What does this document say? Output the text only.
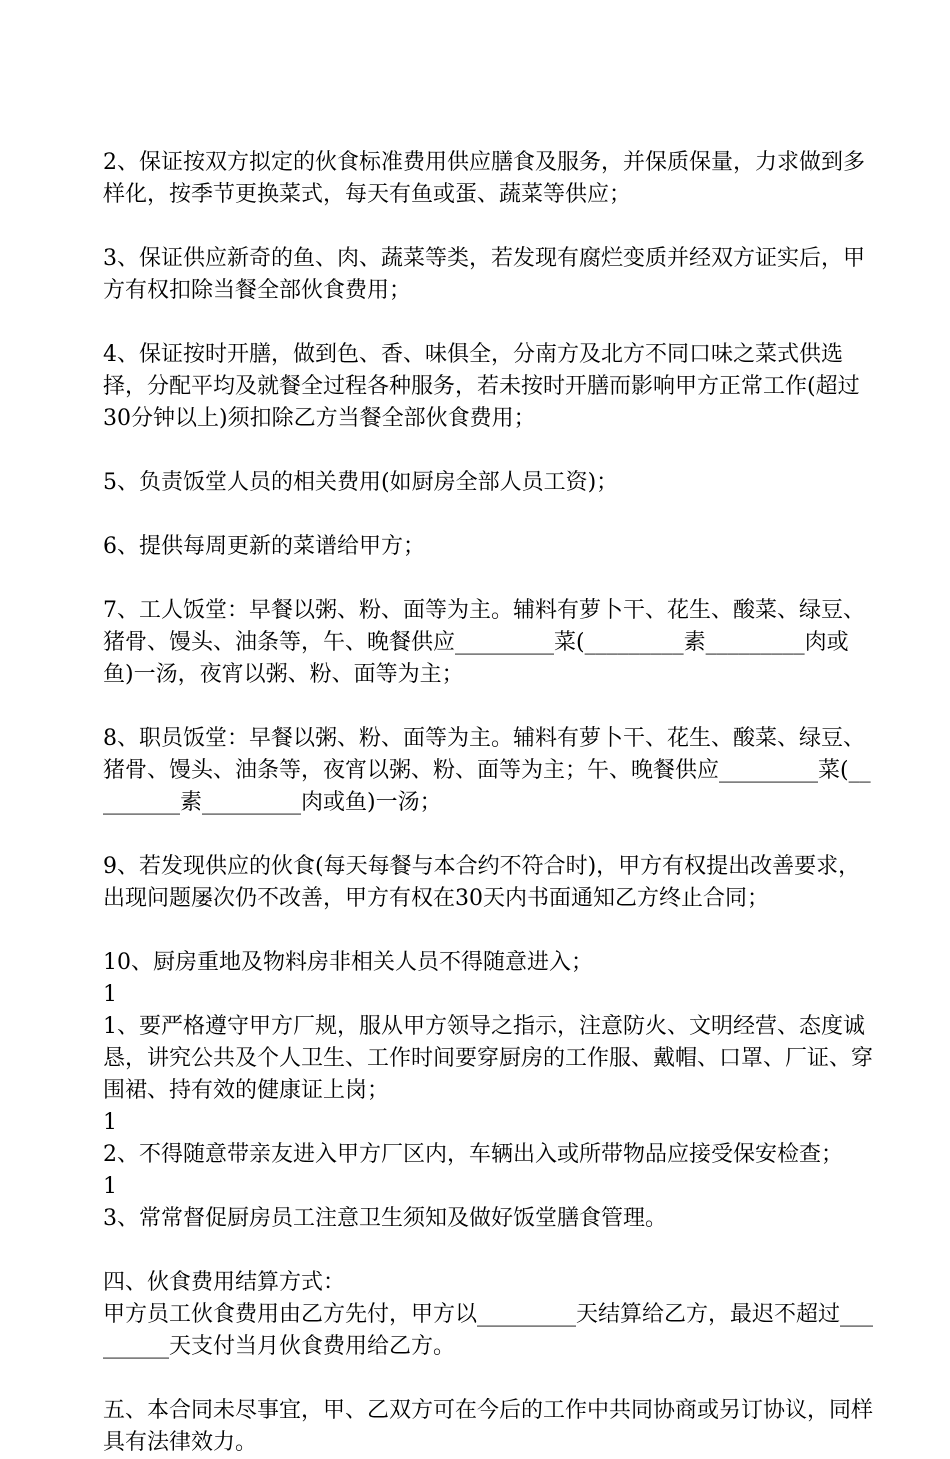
2、保证按双方拟定的伙食标准费用供应膳食及服务，并保质保量，力求做到多样化，按季节更换菜式，每天有鱼或蛋、蔬菜等供应；

3、保证供应新奇的鱼、肉、蔬菜等类，若发现有腐烂变质并经双方证实后，甲方有权扣除当餐全部伙食费用；

4、保证按时开膳，做到色、香、味俱全，分南方及北方不同口味之菜式供选择，分配平均及就餐全过程各种服务，若未按时开膳而影响甲方正常工作(超过30分钟以上)须扣除乙方当餐全部伙食费用；

5、负责饭堂人员的相关费用(如厨房全部人员工资)；

6、提供每周更新的菜谱给甲方；

7、工人饭堂：早餐以粥、粉、面等为主。辅料有萝卜干、花生、酸菜、绿豆、猪骨、馒头、油条等，午、晚餐供应_________菜(_________素_________肉或鱼)一汤，夜宵以粥、粉、面等为主；

8、职员饭堂：早餐以粥、粉、面等为主。辅料有萝卜干、花生、酸菜、绿豆、猪骨、馒头、油条等，夜宵以粥、粉、面等为主；午、晚餐供应_________菜(_________素_________肉或鱼)一汤；

9、若发现供应的伙食(每天每餐与本合约不符合时)，甲方有权提出改善要求，出现问题屡次仍不改善，甲方有权在30天内书面通知乙方终止合同；

10、厨房重地及物料房非相关人员不得随意进入；

1

1、要严格遵守甲方厂规，服从甲方领导之指示，注意防火、文明经营、态度诚恳，讲究公共及个人卫生、工作时间要穿厨房的工作服、戴帽、口罩、厂证、穿围裙、持有效的健康证上岗；

1

2、不得随意带亲友进入甲方厂区内，车辆出入或所带物品应接受保安检查；

1

3、常常督促厨房员工注意卫生须知及做好饭堂膳食管理。

四、伙食费用结算方式：

甲方员工伙食费用由乙方先付，甲方以_________天结算给乙方，最迟不超过_________天支付当月伙食费用给乙方。

五、本合同未尽事宜，甲、乙双方可在今后的工作中共同协商或另订协议，同样具有法律效力。
